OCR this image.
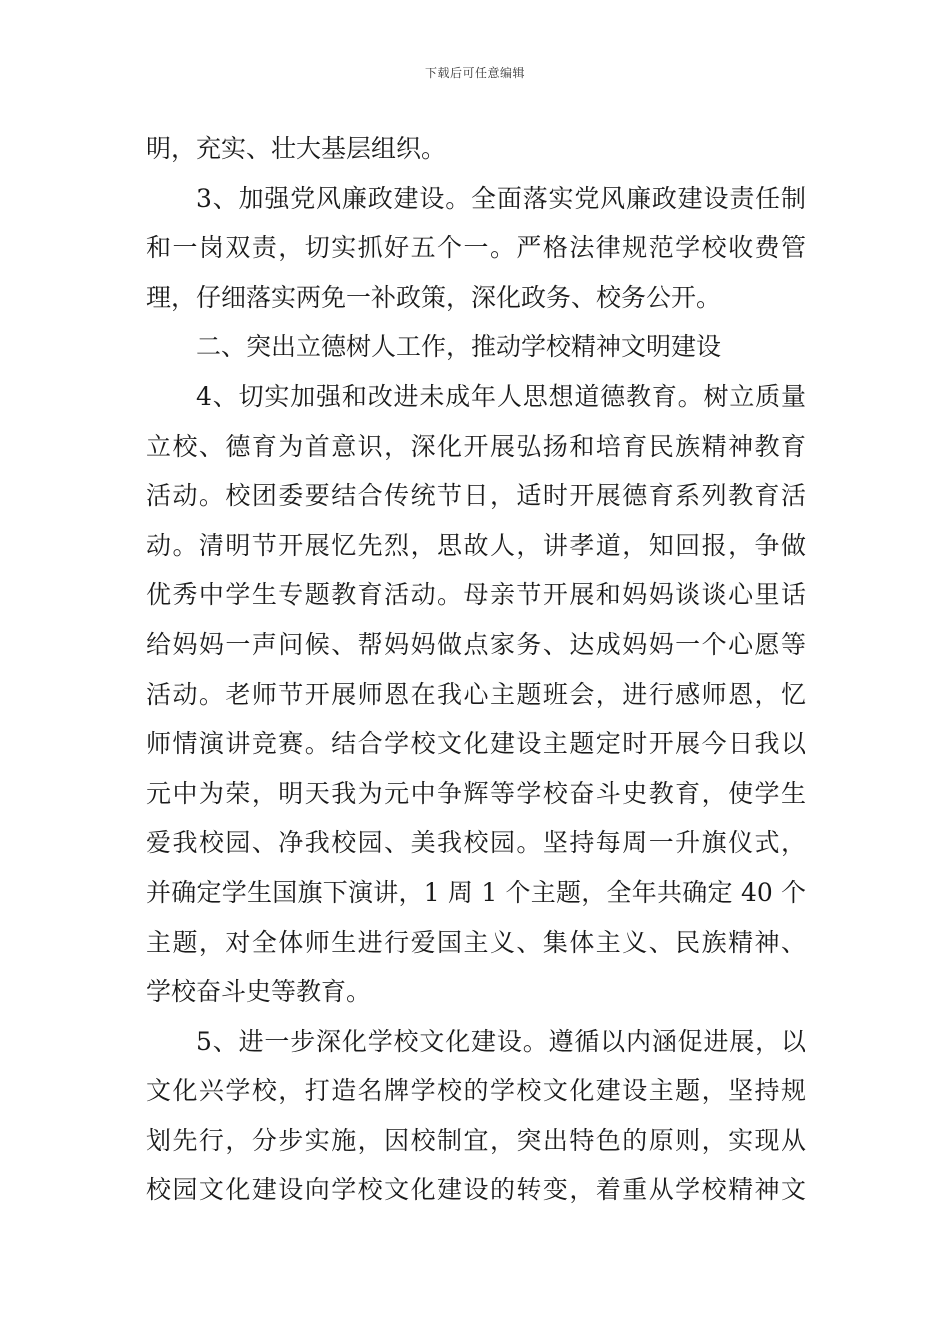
下载后可任意编辑
明，充实、壮大基层组织。
3、加强党风廉政建设。全面落实党风廉政建设责任制
和一岗双责，切实抓好五个一。严格法律规范学校收费管
理，仔细落实两免一补政策，深化政务、校务公开。
二、突出立德树人工作，推动学校精神文明建设
4、切实加强和改进未成年人思想道德教育。树立质量
立校、德育为首意识，深化开展弘扬和培育民族精神教育
活动。校团委要结合传统节日，适时开展德育系列教育活
动。清明节开展忆先烈，思故人，讲孝道，知回报，争做
优秀中学生专题教育活动。母亲节开展和妈妈谈谈心里话
给妈妈一声问候、帮妈妈做点家务、达成妈妈一个心愿等
活动。老师节开展师恩在我心主题班会，进行感师恩，忆
师情演讲竞赛。结合学校文化建设主题定时开展今日我以
元中为荣，明天我为元中争辉等学校奋斗史教育，使学生
爱我校园、净我校园、美我校园。坚持每周一升旗仪式，
并确定学生国旗下演讲，1 周 1 个主题，全年共确定 40 个
主题，对全体师生进行爱国主义、集体主义、民族精神、
学校奋斗史等教育。
5、进一步深化学校文化建设。遵循以内涵促进展，以
文化兴学校，打造名牌学校的学校文化建设主题，坚持规
划先行，分步实施，因校制宜，突出特色的原则，实现从
校园文化建设向学校文化建设的转变，着重从学校精神文
